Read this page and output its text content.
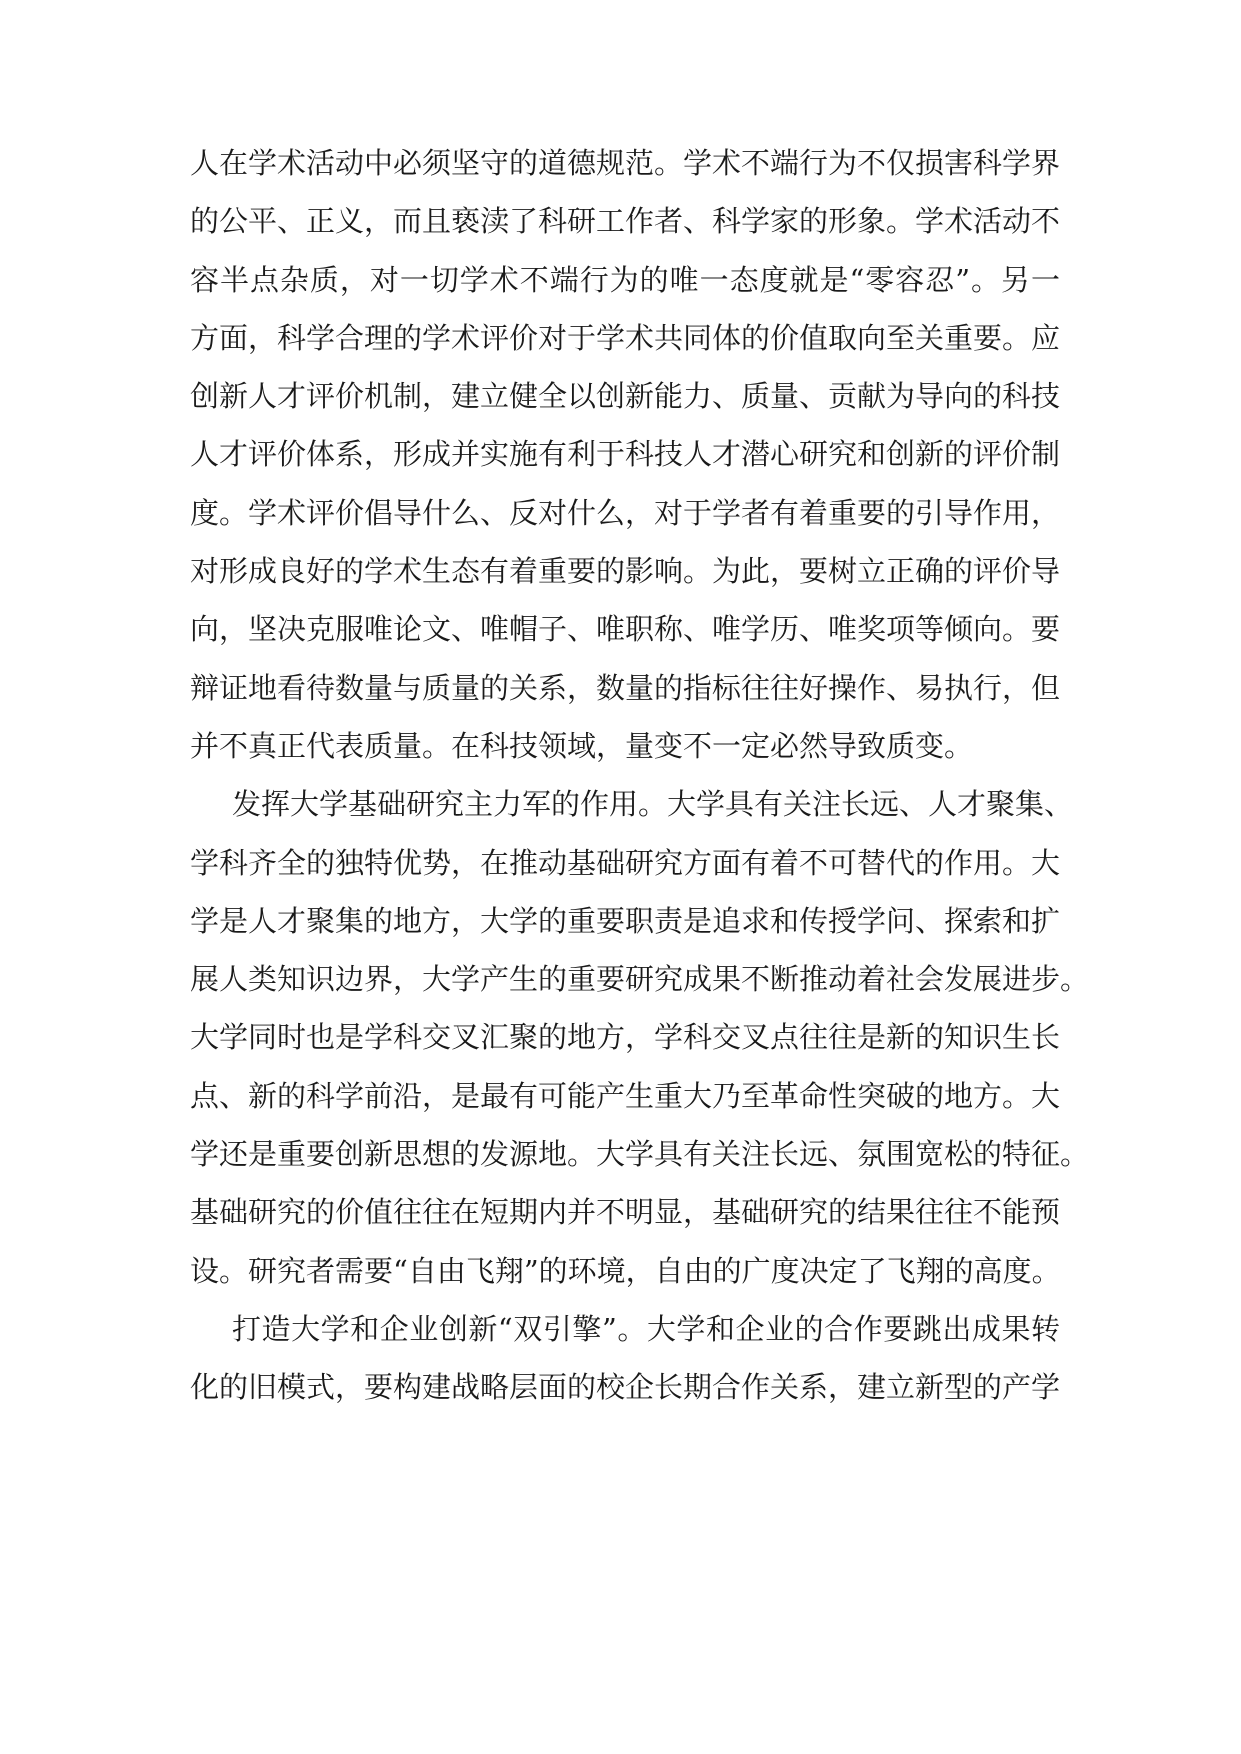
人在学术活动中必须坚守的道德规范。学术不端行为不仅损害科学界
的公平、正义，而且亵渎了科研工作者、科学家的形象。学术活动不
容半点杂质，对一切学术不端行为的唯一态度就是“零容忍”。另一
方面，科学合理的学术评价对于学术共同体的价值取向至关重要。应
创新人才评价机制，建立健全以创新能力、质量、贡献为导向的科技
人才评价体系，形成并实施有利于科技人才潜心研究和创新的评价制
度。学术评价倡导什么、反对什么，对于学者有着重要的引导作用，
对形成良好的学术生态有着重要的影响。为此，要树立正确的评价导
向，坚决克服唯论文、唯帽子、唯职称、唯学历、唯奖项等倾向。要
辩证地看待数量与质量的关系，数量的指标往往好操作、易执行，但
并不真正代表质量。在科技领域，量变不一定必然导致质变。
发挥大学基础研究主力军的作用。大学具有关注长远、人才聚集、
学科齐全的独特优势，在推动基础研究方面有着不可替代的作用。大
学是人才聚集的地方，大学的重要职责是追求和传授学问、探索和扩
展人类知识边界，大学产生的重要研究成果不断推动着社会发展进步。
大学同时也是学科交叉汇聚的地方，学科交叉点往往是新的知识生长
点、新的科学前沿，是最有可能产生重大乃至革命性突破的地方。大
学还是重要创新思想的发源地。大学具有关注长远、氛围宽松的特征。
基础研究的价值往往在短期内并不明显，基础研究的结果往往不能预
设。研究者需要“自由飞翔”的环境，自由的广度决定了飞翔的高度。
打造大学和企业创新“双引擎”。大学和企业的合作要跳出成果转
化的旧模式，要构建战略层面的校企长期合作关系，建立新型的产学
